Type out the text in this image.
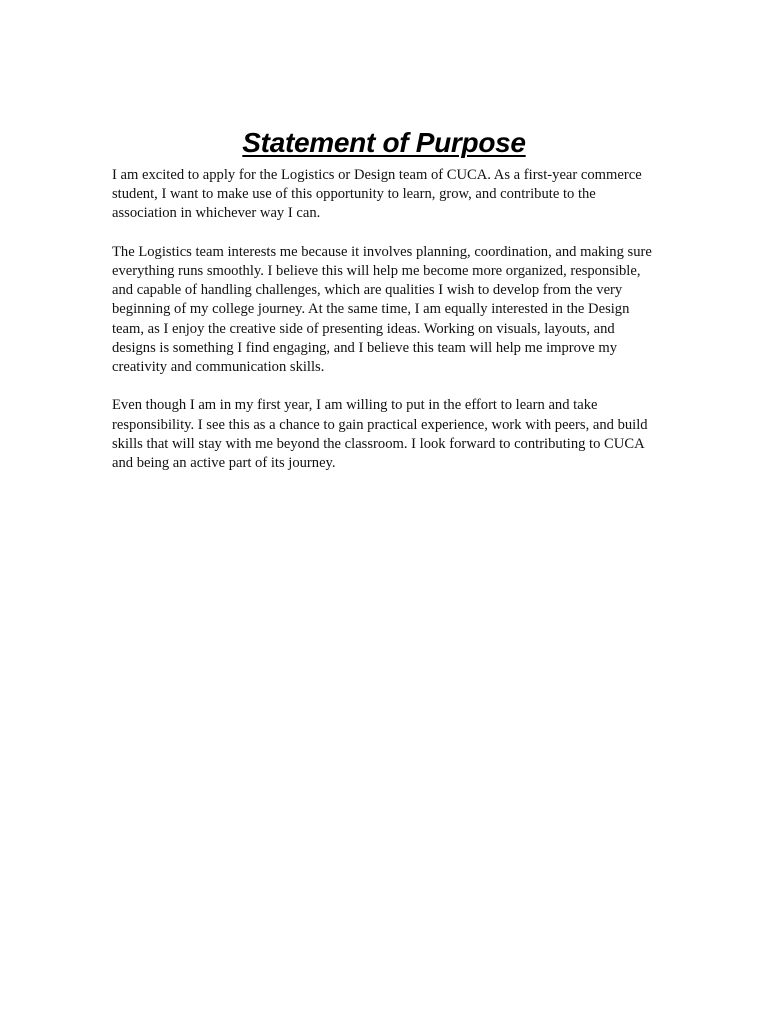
Statement of Purpose

I am excited to apply for the Logistics or Design team of CUCA. As a first-year commerce
student, I want to make use of this opportunity to learn, grow, and contribute to the
association in whichever way I can.

The Logistics team interests me because it involves planning, coordination, and making sure
everything runs smoothly. I believe this will help me become more organized, responsible,
and capable of handling challenges, which are qualities I wish to develop from the very
beginning of my college journey. At the same time, I am equally interested in the Design
team, as I enjoy the creative side of presenting ideas. Working on visuals, layouts, and
designs is something I find engaging, and I believe this team will help me improve my
creativity and communication skills.

Even though I am in my first year, I am willing to put in the effort to learn and take
responsibility. I see this as a chance to gain practical experience, work with peers, and build
skills that will stay with me beyond the classroom. I look forward to contributing to CUCA
and being an active part of its journey.
